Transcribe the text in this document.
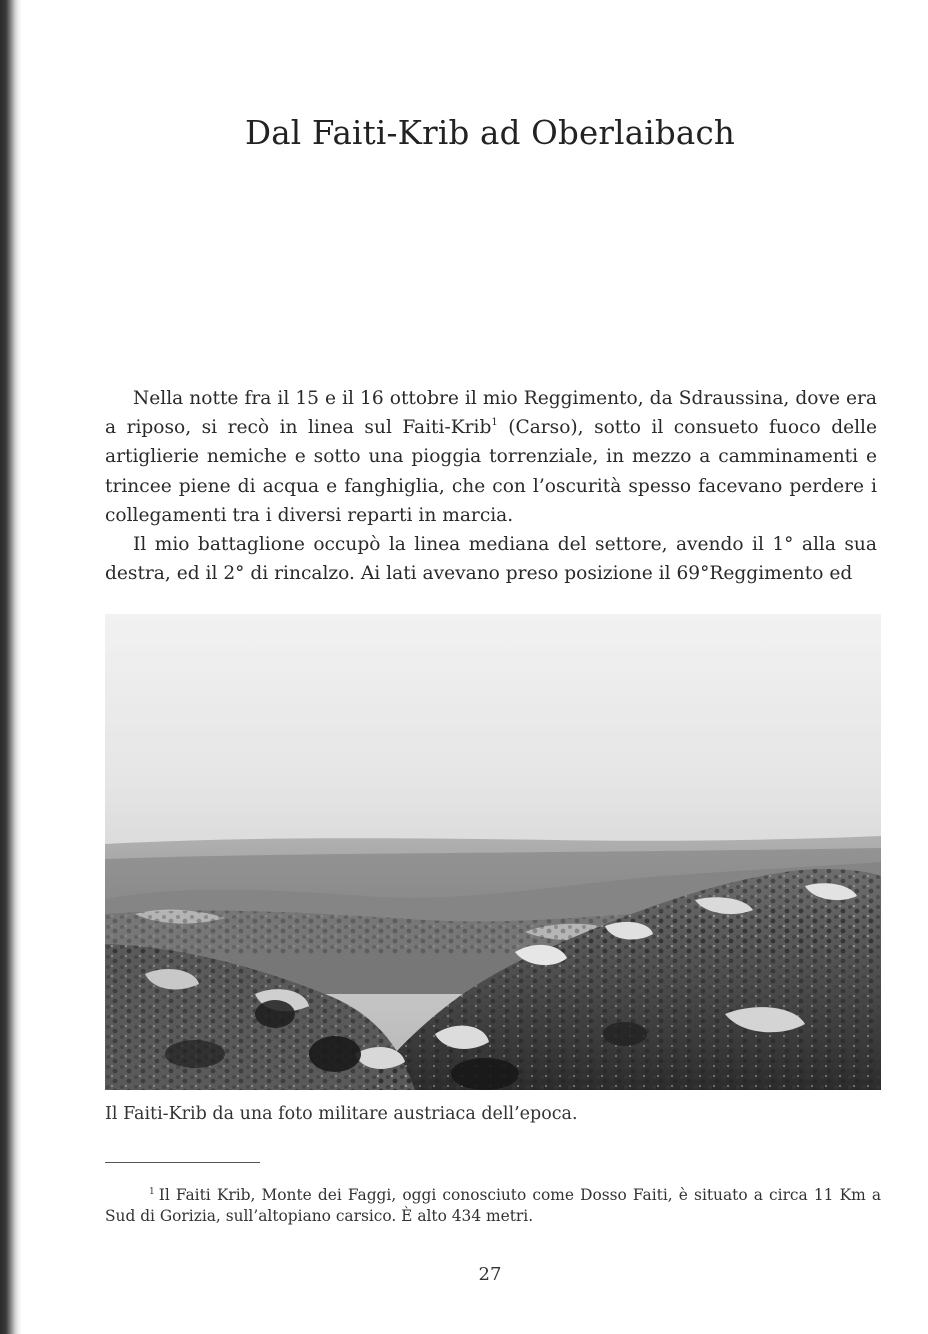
Dal Faiti-Krib ad Oberlaibach

Nella notte fra il 15 e il 16 ottobre il mio Reggimento, da Sdraussina, dove era a riposo, si recò in linea sul Faiti-Krib$^1$ (Carso), sotto il consueto fuoco delle artiglierie nemiche e sotto una pioggia torrenziale, in mezzo a camminamenti e trincee piene di acqua e fanghiglia, che con l’oscurità spesso facevano perdere i collegamenti tra i diversi reparti in marcia.

Il mio battaglione occupò la linea mediana del settore, avendo il 1° alla sua destra, ed il 2° di rincalzo. Ai lati avevano preso posizione il 69°Reggimento ed

Il Faiti-Krib da una foto militare austriaca dell’epoca.
$^1$ Il Faiti Krib, Monte dei Faggi, oggi conosciuto come Dosso Faiti, è situato a circa 11 Km a Sud di Gorizia, sull’altopiano carsico. È alto 434 metri.
27
